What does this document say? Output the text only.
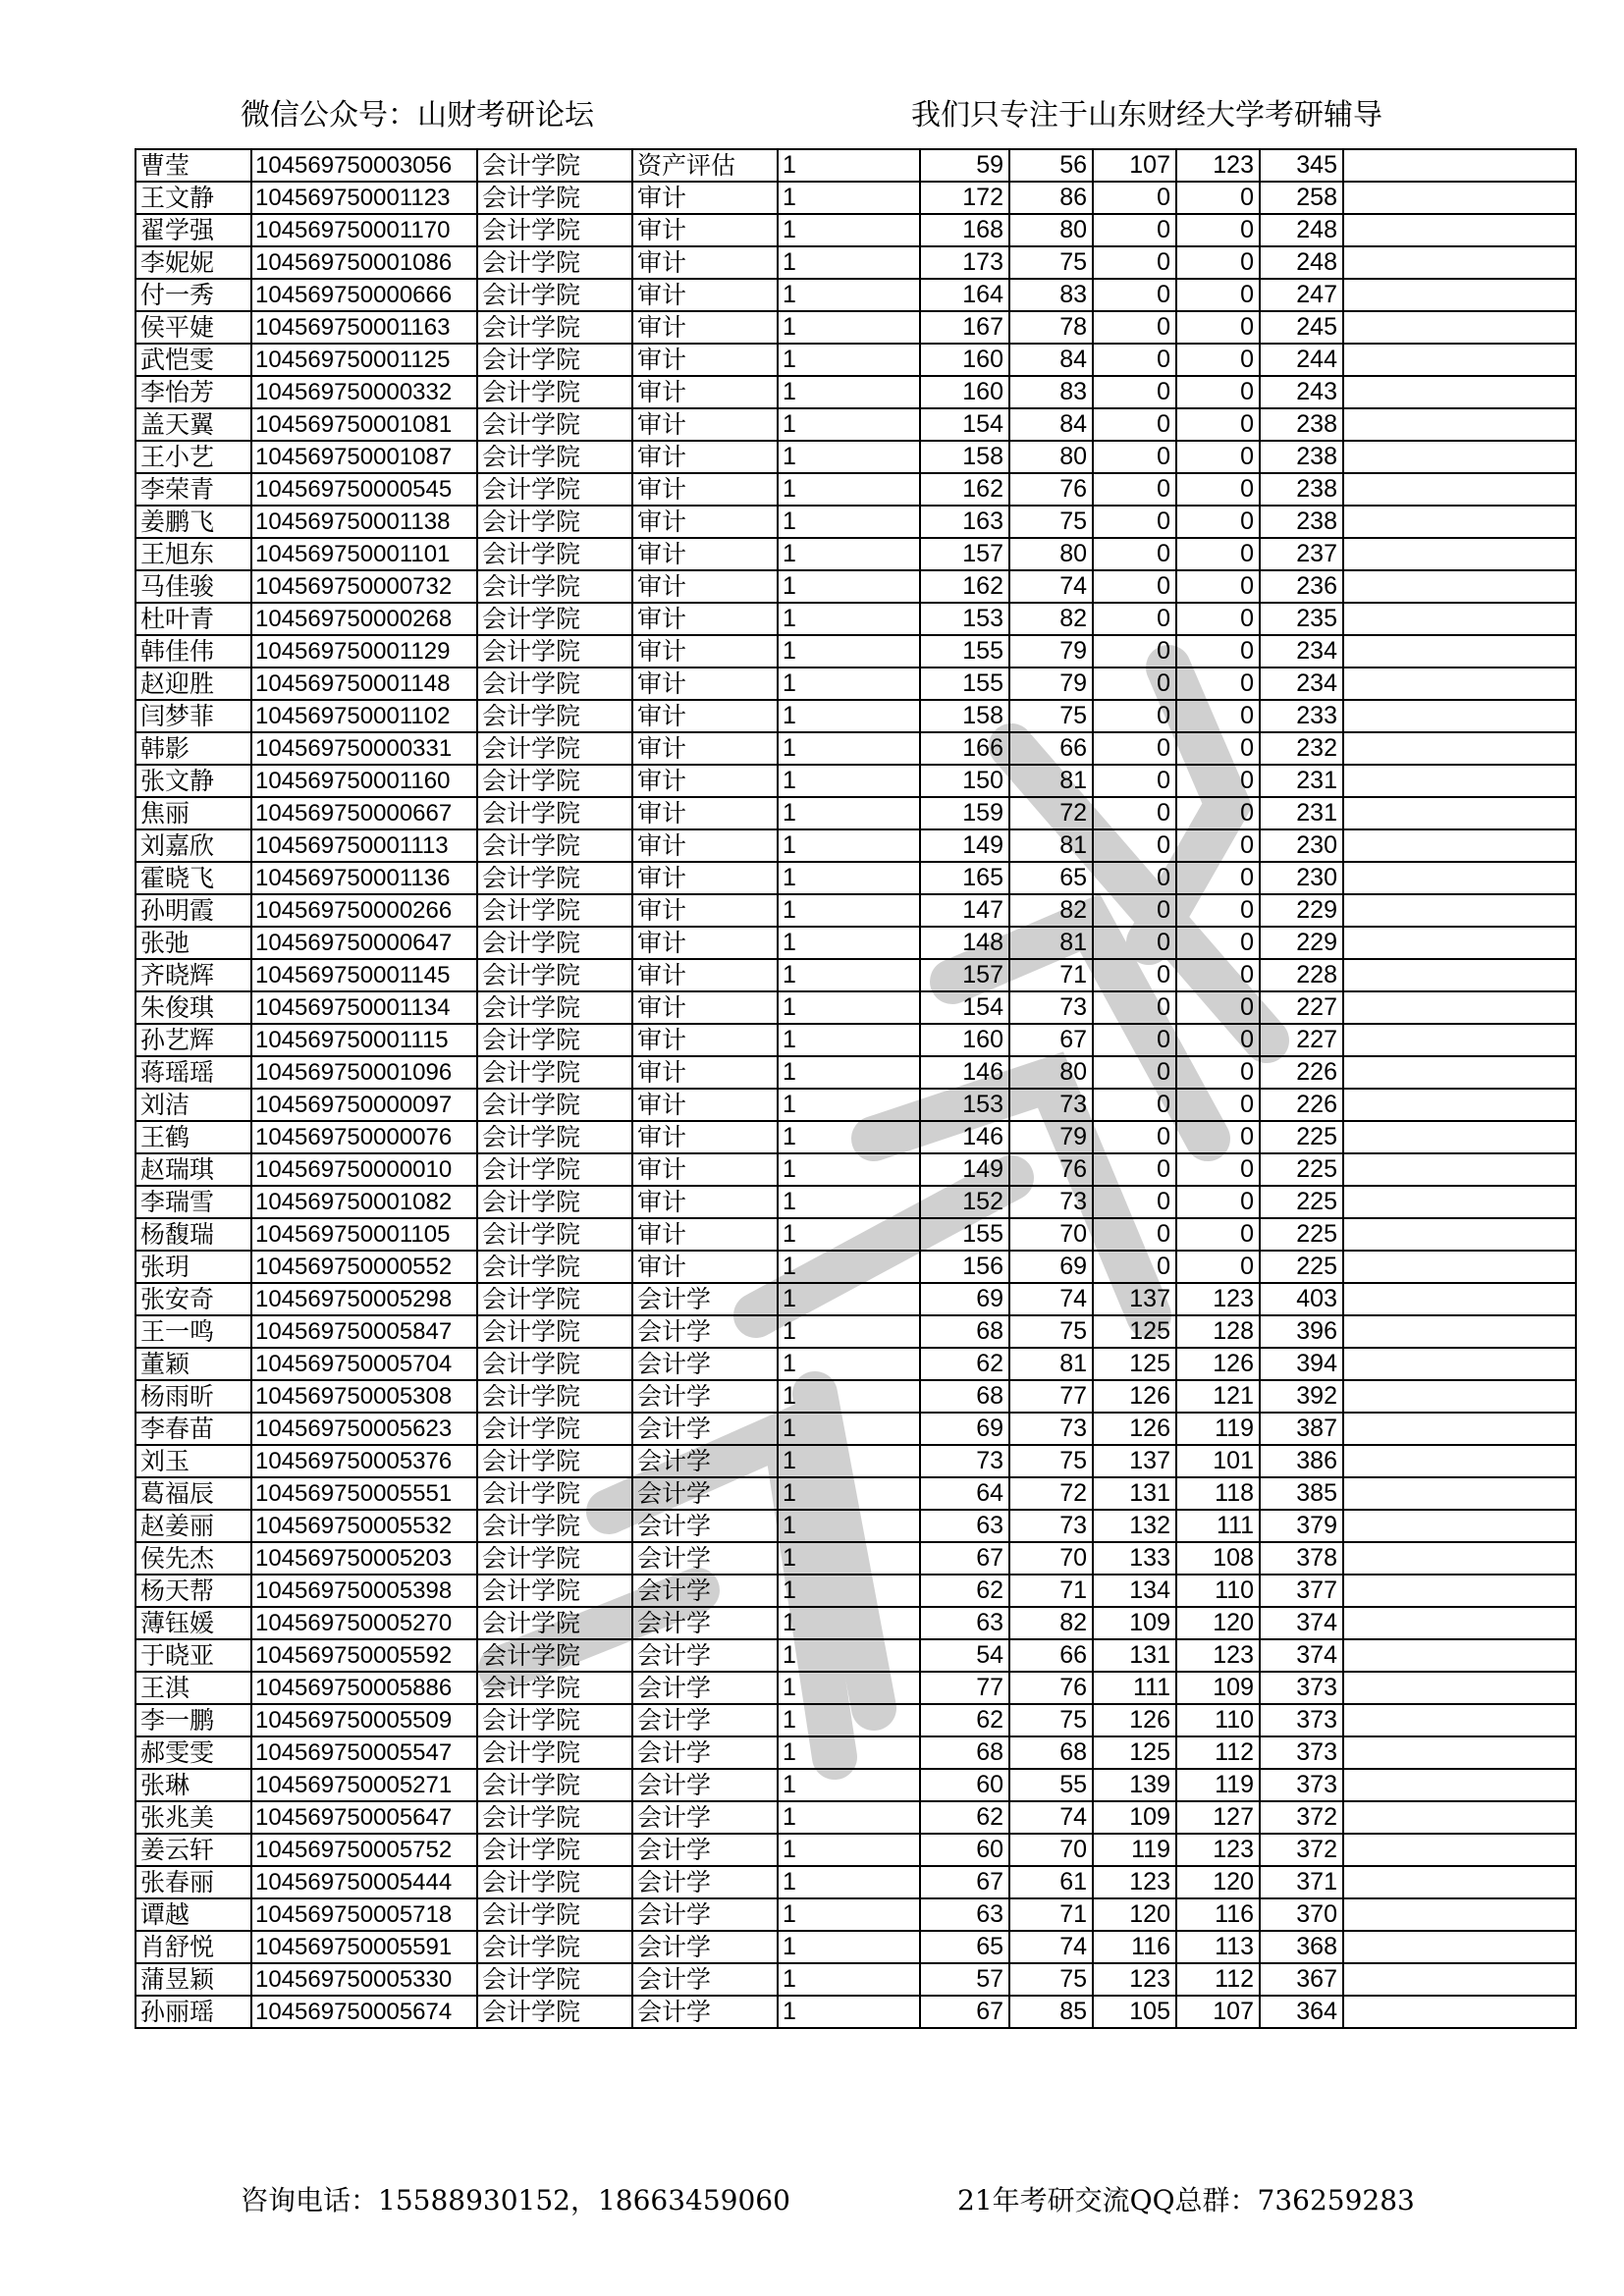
微信公众号：山财考研论坛	我们只专注于山东财经大学考研辅导
曹莹	104569750003056	会计学院	资产评估	1	59	56	107	123	345	
王文静	104569750001123	会计学院	审计	1	172	86	0	0	258	
翟学强	104569750001170	会计学院	审计	1	168	80	0	0	248	
李妮妮	104569750001086	会计学院	审计	1	173	75	0	0	248	
付一秀	104569750000666	会计学院	审计	1	164	83	0	0	247	
侯平婕	104569750001163	会计学院	审计	1	167	78	0	0	245	
武恺雯	104569750001125	会计学院	审计	1	160	84	0	0	244	
李怡芳	104569750000332	会计学院	审计	1	160	83	0	0	243	
盖天翼	104569750001081	会计学院	审计	1	154	84	0	0	238	
王小艺	104569750001087	会计学院	审计	1	158	80	0	0	238	
李荣青	104569750000545	会计学院	审计	1	162	76	0	0	238	
姜鹏飞	104569750001138	会计学院	审计	1	163	75	0	0	238	
王旭东	104569750001101	会计学院	审计	1	157	80	0	0	237	
马佳骏	104569750000732	会计学院	审计	1	162	74	0	0	236	
杜叶青	104569750000268	会计学院	审计	1	153	82	0	0	235	
韩佳伟	104569750001129	会计学院	审计	1	155	79	0	0	234	
赵迎胜	104569750001148	会计学院	审计	1	155	79	0	0	234	
闫梦菲	104569750001102	会计学院	审计	1	158	75	0	0	233	
韩影	104569750000331	会计学院	审计	1	166	66	0	0	232	
张文静	104569750001160	会计学院	审计	1	150	81	0	0	231	
焦丽	104569750000667	会计学院	审计	1	159	72	0	0	231	
刘嘉欣	104569750001113	会计学院	审计	1	149	81	0	0	230	
霍晓飞	104569750001136	会计学院	审计	1	165	65	0	0	230	
孙明霞	104569750000266	会计学院	审计	1	147	82	0	0	229	
张弛	104569750000647	会计学院	审计	1	148	81	0	0	229	
齐晓辉	104569750001145	会计学院	审计	1	157	71	0	0	228	
朱俊琪	104569750001134	会计学院	审计	1	154	73	0	0	227	
孙艺辉	104569750001115	会计学院	审计	1	160	67	0	0	227	
蒋瑶瑶	104569750001096	会计学院	审计	1	146	80	0	0	226	
刘洁	104569750000097	会计学院	审计	1	153	73	0	0	226	
王鹤	104569750000076	会计学院	审计	1	146	79	0	0	225	
赵瑞琪	104569750000010	会计学院	审计	1	149	76	0	0	225	
李瑞雪	104569750001082	会计学院	审计	1	152	73	0	0	225	
杨馥瑞	104569750001105	会计学院	审计	1	155	70	0	0	225	
张玥	104569750000552	会计学院	审计	1	156	69	0	0	225	
张安奇	104569750005298	会计学院	会计学	1	69	74	137	123	403	
王一鸣	104569750005847	会计学院	会计学	1	68	75	125	128	396	
董颖	104569750005704	会计学院	会计学	1	62	81	125	126	394	
杨雨昕	104569750005308	会计学院	会计学	1	68	77	126	121	392	
李春苗	104569750005623	会计学院	会计学	1	69	73	126	119	387	
刘玉	104569750005376	会计学院	会计学	1	73	75	137	101	386	
葛福辰	104569750005551	会计学院	会计学	1	64	72	131	118	385	
赵姜丽	104569750005532	会计学院	会计学	1	63	73	132	111	379	
侯先杰	104569750005203	会计学院	会计学	1	67	70	133	108	378	
杨天帮	104569750005398	会计学院	会计学	1	62	71	134	110	377	
薄钰媛	104569750005270	会计学院	会计学	1	63	82	109	120	374	
于晓亚	104569750005592	会计学院	会计学	1	54	66	131	123	374	
王淇	104569750005886	会计学院	会计学	1	77	76	111	109	373	
李一鹏	104569750005509	会计学院	会计学	1	62	75	126	110	373	
郝雯雯	104569750005547	会计学院	会计学	1	68	68	125	112	373	
张琳	104569750005271	会计学院	会计学	1	60	55	139	119	373	
张兆美	104569750005647	会计学院	会计学	1	62	74	109	127	372	
姜云轩	104569750005752	会计学院	会计学	1	60	70	119	123	372	
张春丽	104569750005444	会计学院	会计学	1	67	61	123	120	371	
谭越	104569750005718	会计学院	会计学	1	63	71	120	116	370	
肖舒悦	104569750005591	会计学院	会计学	1	65	74	116	113	368	
蒲昱颖	104569750005330	会计学院	会计学	1	57	75	123	112	367	
孙丽瑶	104569750005674	会计学院	会计学	1	67	85	105	107	364	
咨询电话：15588930152，18663459060	21年考研交流QQ总群：736259283
